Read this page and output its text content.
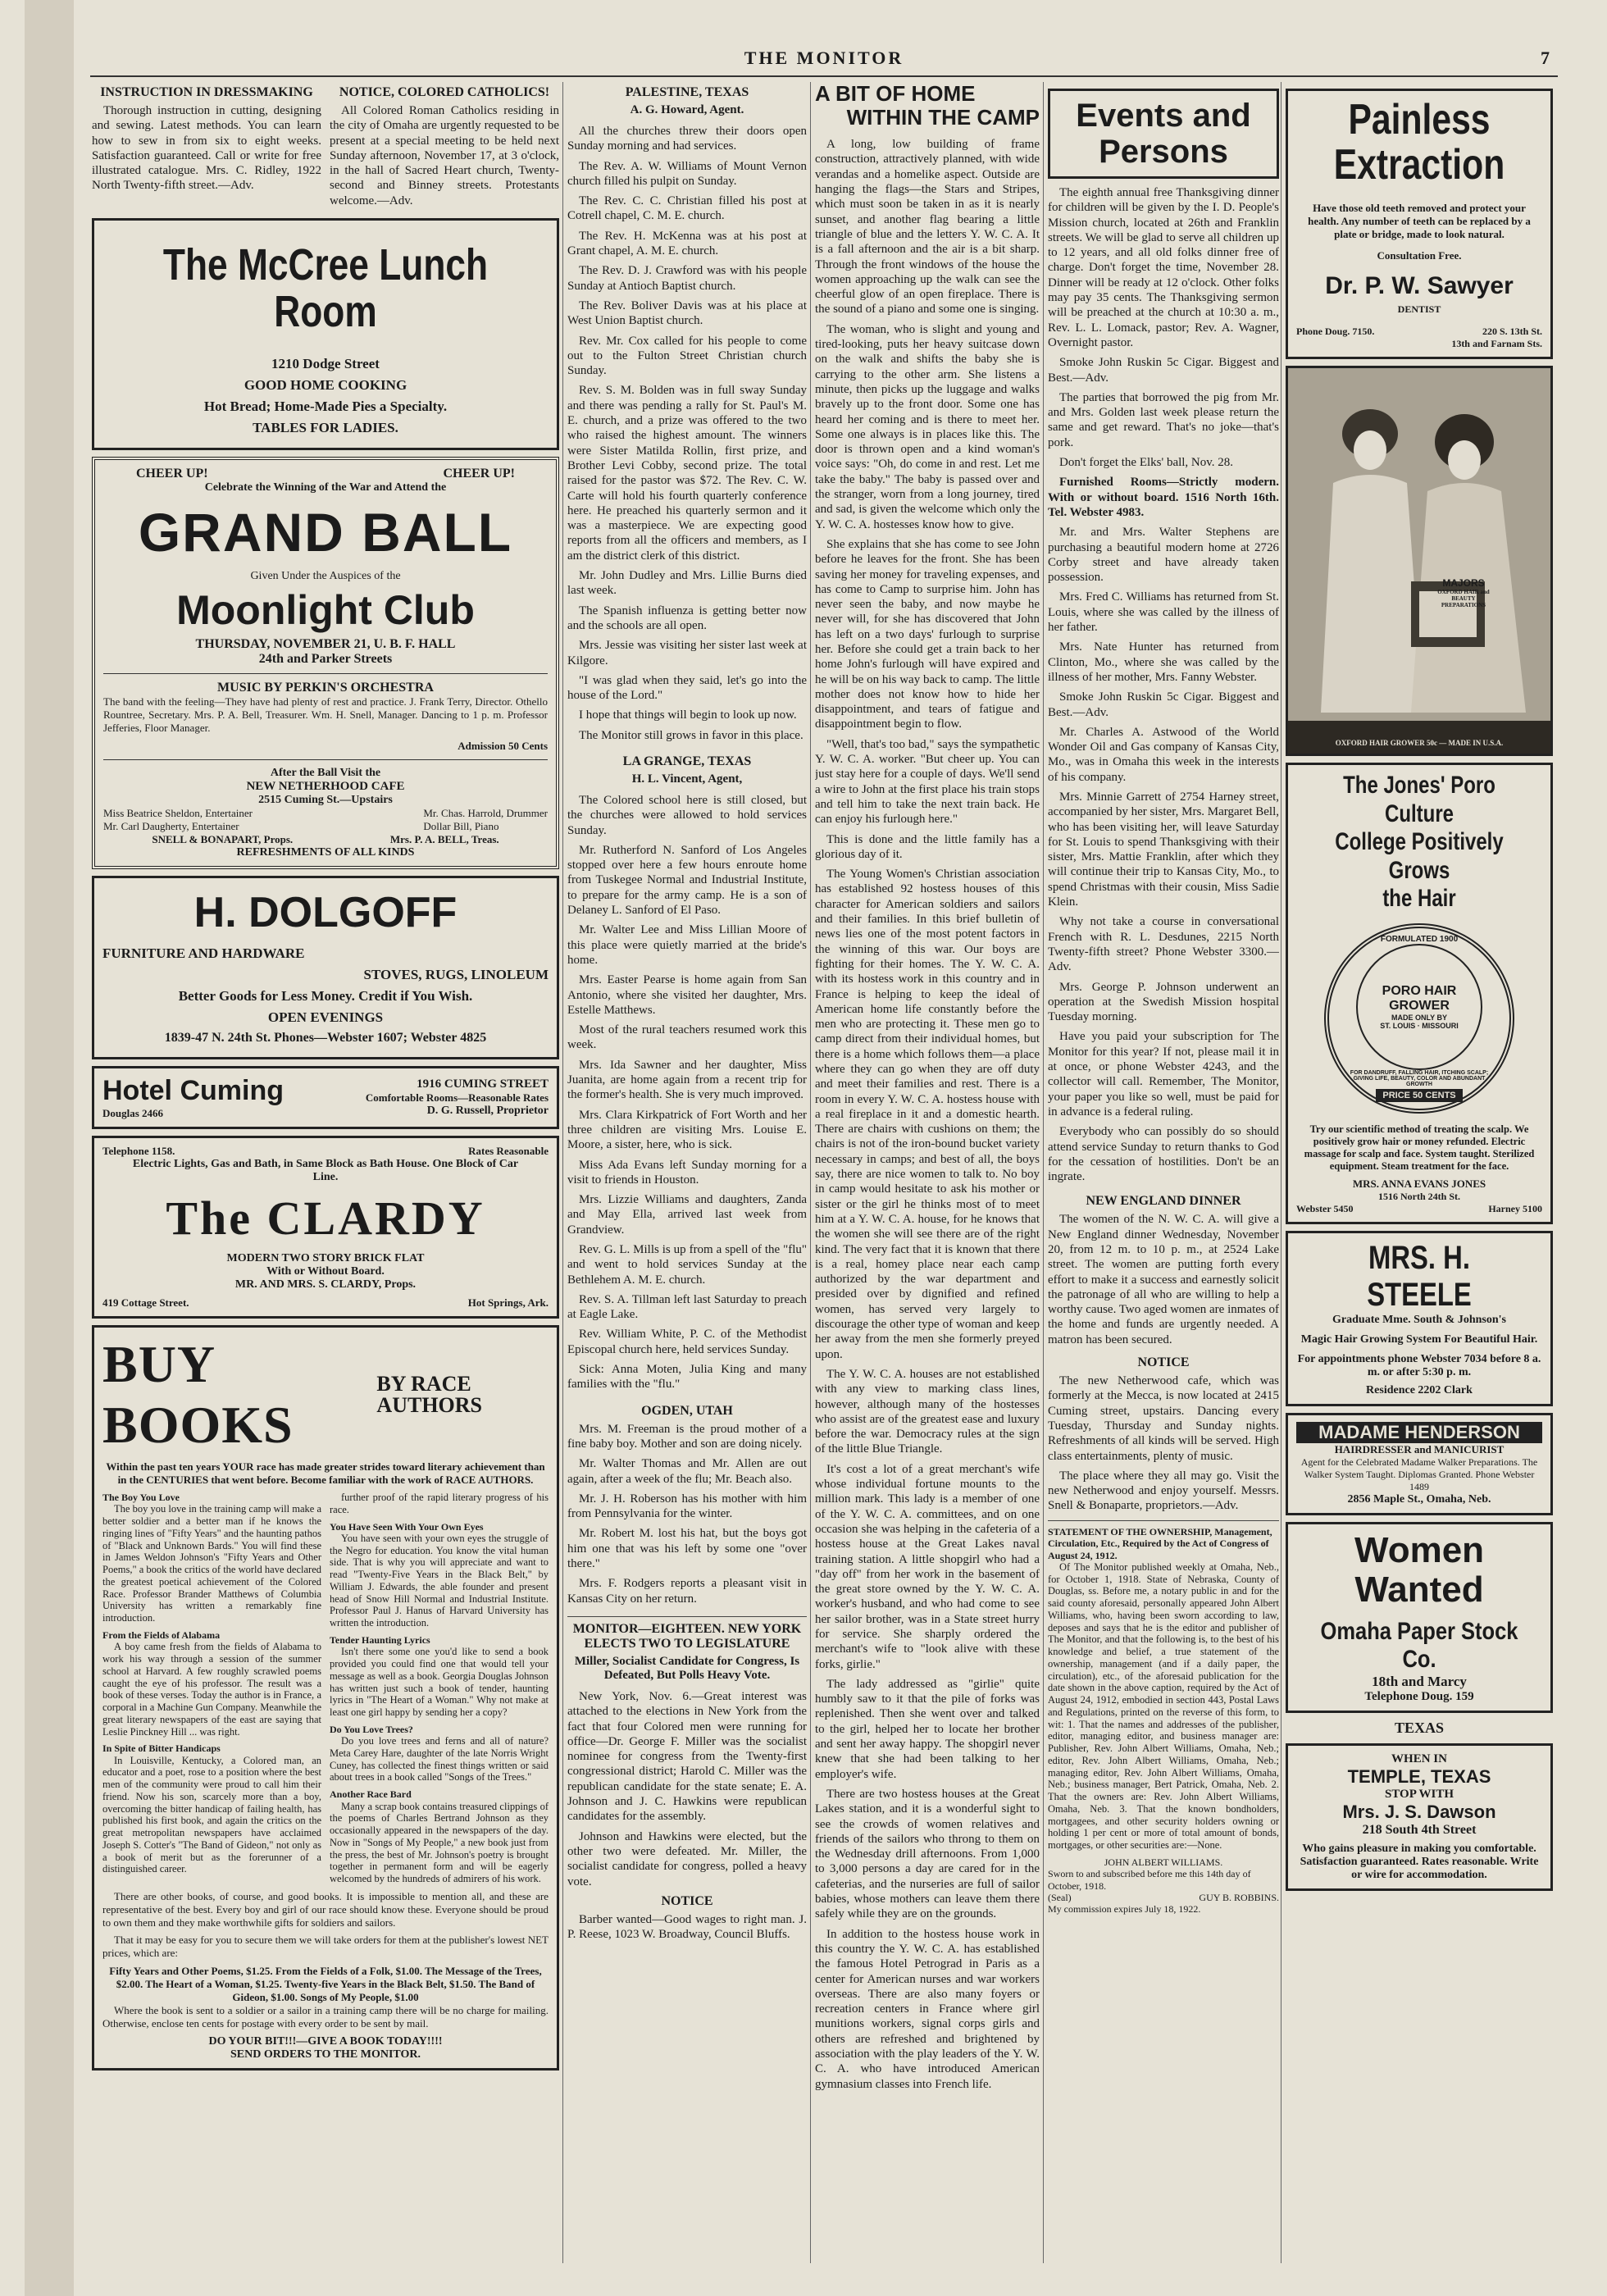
THE MONITOR	7
INSTRUCTION IN DRESSMAKING

Thorough instruction in cutting, designing and sewing. Latest methods. You can learn how to sew in from six to eight weeks. Satisfaction guaranteed. Call or write for free illustrated catalogue. Mrs. C. Ridley, 1922 North Twenty-fifth street.—Adv.

NOTICE, COLORED CATHOLICS!

All Colored Roman Catholics residing in the city of Omaha are urgently requested to be present at a special meeting to be held next Sunday afternoon, November 17, at 3 o'clock, in the hall of Sacred Heart church, Twenty-second and Binney streets. Protestants welcome.—Adv.

The McCree Lunch Room
1210 Dodge Street
GOOD HOME COOKING
Hot Bread; Home-Made Pies a Specialty.
TABLES FOR LADIES.
CHEER UP!	CHEER UP!
Celebrate the Winning of the War and Attend the
GRAND BALL
Given Under the Auspices of the
Moonlight Club
THURSDAY, NOVEMBER 21, U. B. F. HALL
24th and Parker Streets
MUSIC BY PERKIN'S ORCHESTRA

The band with the feeling—They have had plenty of rest and practice. J. Frank Terry, Director. Othello Rountree, Secretary. Mrs. P. A. Bell, Treasurer. Wm. H. Snell, Manager. Dancing to 1 p. m. Professor Jefferies, Floor Manager.

Admission 50 Cents
After the Ball Visit the
NEW NETHERHOOD CAFE
2515 Cuming St.—Upstairs
Miss Beatrice Sheldon, Entertainer
Mr. Carl Daugherty, Entertainer
Mr. Chas. Harrold, Drummer
Dollar Bill, Piano
SNELL & BONAPART, Props.	Mrs. P. A. BELL, Treas.
REFRESHMENTS OF ALL KINDS
H. DOLGOFF
FURNITURE AND HARDWARE
STOVES, RUGS, LINOLEUM
Better Goods for Less Money. Credit if You Wish.
OPEN EVENINGS
1839-47 N. 24th St. Phones—Webster 1607; Webster 4825
Hotel Cuming
Douglas 2466
1916 CUMING STREET
Comfortable Rooms—Reasonable Rates
D. G. Russell, Proprietor
Telephone 1158.	Rates Reasonable
Electric Lights, Gas and Bath, in Same Block as Bath House. One Block of Car Line.
The CLARDY
MODERN TWO STORY BRICK FLAT
With or Without Board.
MR. AND MRS. S. CLARDY, Props.
419 Cottage Street.	Hot Springs, Ark.
BUY BOOKS
BY RACE AUTHORS
Within the past ten years YOUR race has made greater strides toward literary achievement than in the CENTURIES that went before. Become familiar with the work of RACE AUTHORS.
The Boy You Love

The boy you love in the training camp will make a better soldier and a better man if he knows the ringing lines of "Fifty Years" and the haunting pathos of "Black and Unknown Bards." You will find these in James Weldon Johnson's "Fifty Years and Other Poems," a book the critics of the world have declared the greatest poetical achievement of the Colored Race. Professor Brander Matthews of Columbia University has written a remarkably fine introduction.

From the Fields of Alabama

A boy came fresh from the fields of Alabama to work his way through a session of the summer school at Harvard. A few roughly scrawled poems caught the eye of his professor. The result was a book of these verses. Today the author is in France, a corporal in a Machine Gun Company. Meanwhile the great literary newspapers of the east are saying that Leslie Pinckney Hill ... was right.

In Spite of Bitter Handicaps

In Louisville, Kentucky, a Colored man, an educator and a poet, rose to a position where the best men of the community were proud to call him their friend. Now his son, scarcely more than a boy, overcoming the bitter handicap of failing health, has published his first book, and again the critics on the great metropolitan newspapers have acclaimed Joseph S. Cotter's "The Band of Gideon," not only as a book of merit but as the forerunner of a distinguished career.

further proof of the rapid literary progress of his race.

You Have Seen With Your Own Eyes

You have seen with your own eyes the struggle of the Negro for education. You know the vital human side. That is why you will appreciate and want to read "Twenty-Five Years in the Black Belt," by William J. Edwards, the able founder and present head of Snow Hill Normal and Industrial Institute. Professor Paul J. Hanus of Harvard University has written the introduction.

Tender Haunting Lyrics

Isn't there some one you'd like to send a book provided you could find one that would tell your message as well as a book. Georgia Douglas Johnson has written just such a book of tender, haunting lyrics in "The Heart of a Woman." Why not make at least one girl happy by sending her a copy?

Do You Love Trees?

Do you love trees and ferns and all of nature? Meta Carey Hare, daughter of the late Norris Wright Cuney, has collected the finest things written or said about trees in a book called "Songs of the Trees."

Another Race Bard

Many a scrap book contains treasured clippings of the poems of Charles Bertrand Johnson as they occasionally appeared in the newspapers of the day. Now in "Songs of My People," a new book just from the press, the best of Mr. Johnson's poetry is brought together in permanent form and will be eagerly welcomed by the hundreds of admirers of his work.

There are other books, of course, and good books. It is impossible to mention all, and these are representative of the best. Every boy and girl of our race should know these. Everyone should be proud to own them and they make worthwhile gifts for soldiers and sailors.

That it may be easy for you to secure them we will take orders for them at the publisher's lowest NET prices, which are:

Fifty Years and Other Poems, $1.25. From the Fields of a Folk, $1.00. The Message of the Trees, $2.00. The Heart of a Woman, $1.25. Twenty-five Years in the Black Belt, $1.50. The Band of Gideon, $1.00. Songs of My People, $1.00

Where the book is sent to a soldier or a sailor in a training camp there will be no charge for mailing. Otherwise, enclose ten cents for postage with every order to be sent by mail.

DO YOUR BIT!!!—GIVE A BOOK TODAY!!!!
SEND ORDERS TO THE MONITOR.
PALESTINE, TEXAS
A. G. Howard, Agent.

All the churches threw their doors open Sunday morning and had services.

The Rev. A. W. Williams of Mount Vernon church filled his pulpit on Sunday.

The Rev. C. C. Christian filled his post at Cotrell chapel, C. M. E. church.

The Rev. H. McKenna was at his post at Grant chapel, A. M. E. church.

The Rev. D. J. Crawford was with his people Sunday at Antioch Baptist church.

The Rev. Boliver Davis was at his place at West Union Baptist church.

Rev. Mr. Cox called for his people to come out to the Fulton Street Christian church Sunday.

Rev. S. M. Bolden was in full sway Sunday and there was pending a rally for St. Paul's M. E. church, and a prize was offered to the two who raised the highest amount. The winners were Sister Matilda Rollin, first prize, and Brother Levi Cobby, second prize. The total raised for the pastor was $72. The Rev. C. W. Carte will hold his fourth quarterly conference here. He preached his quarterly sermon and it was a masterpiece. We are expecting good reports from all the officers and members, as I am the district clerk of this district.

Mr. John Dudley and Mrs. Lillie Burns died last week.

The Spanish influenza is getting better now and the schools are all open.

Mrs. Jessie was visiting her sister last week at Kilgore.

"I was glad when they said, let's go into the house of the Lord."

I hope that things will begin to look up now.

The Monitor still grows in favor in this place.

LA GRANGE, TEXAS
H. L. Vincent, Agent,

The Colored school here is still closed, but the churches were allowed to hold services Sunday.

Mr. Rutherford N. Sanford of Los Angeles stopped over here a few hours enroute home from Tuskegee Normal and Industrial Institute, to prepare for the army camp. He is a son of Delaney L. Sanford of El Paso.

Mr. Walter Lee and Miss Lillian Moore of this place were quietly married at the bride's home.

Mrs. Easter Pearse is home again from San Antonio, where she visited her daughter, Mrs. Estelle Matthews.

Most of the rural teachers resumed work this week.

Mrs. Ida Sawner and her daughter, Miss Juanita, are home again from a recent trip for the former's health. She is very much improved.

Mrs. Clara Kirkpatrick of Fort Worth and her three children are visiting Mrs. Louise E. Moore, a sister, here, who is sick.

Miss Ada Evans left Sunday morning for a visit to friends in Houston.

Mrs. Lizzie Williams and daughters, Zanda and May Ella, arrived last week from Grandview.

Rev. G. L. Mills is up from a spell of the "flu" and went to hold services Sunday at the Bethlehem A. M. E. church.

Rev. S. A. Tillman left last Saturday to preach at Eagle Lake.

Rev. William White, P. C. of the Methodist Episcopal church here, held services Sunday.

Sick: Anna Moten, Julia King and many families with the "flu."

OGDEN, UTAH

Mrs. M. Freeman is the proud mother of a fine baby boy. Mother and son are doing nicely.

Mr. Walter Thomas and Mr. Allen are out again, after a week of the flu; Mr. Beach also.

Mr. J. H. Roberson has his mother with him from Pennsylvania for the winter.

Mr. Robert M. lost his hat, but the boys got him one that was his left by some one "over there."

Mrs. F. Rodgers reports a pleasant visit in Kansas City on her return.

MONITOR—EIGHTEEN. NEW YORK ELECTS TWO TO LEGISLATURE
Miller, Socialist Candidate for Congress, Is Defeated, But Polls Heavy Vote.

New York, Nov. 6.—Great interest was attached to the elections in New York from the fact that four Colored men were running for office—Dr. George F. Miller was the socialist nominee for congress from the Twenty-first congressional district; Harold C. Miller was the republican candidate for the state senate; E. A. Johnson and J. C. Hawkins were republican candidates for the assembly.

Johnson and Hawkins were elected, but the other two were defeated. Mr. Miller, the socialist candidate for congress, polled a heavy vote.

NOTICE

Barber wanted—Good wages to right man. J. P. Reese, 1023 W. Broadway, Council Bluffs.

A BIT OF HOME
WITHIN THE CAMP

A long, low building of frame construction, attractively planned, with wide verandas and a homelike aspect. Outside are hanging the flags—the Stars and Stripes, which must soon be taken in as it is nearly sunset, and another flag bearing a little triangle of blue and the letters Y. W. C. A. It is a fall afternoon and the air is a bit sharp. Through the front windows of the house the women approaching up the walk can see the cheerful glow of an open fireplace. There is the sound of a piano and some one is singing.

The woman, who is slight and young and tired-looking, puts her heavy suitcase down on the walk and shifts the baby she is carrying to the other arm. She listens a minute, then picks up the luggage and walks bravely up to the front door. Some one has heard her coming and is there to meet her. Some one always is in places like this. The door is thrown open and a kind woman's voice says: "Oh, do come in and rest. Let me take the baby." The baby is passed over and the stranger, worn from a long journey, tired and sad, is given the welcome which only the Y. W. C. A. hostesses know how to give.

She explains that she has come to see John before he leaves for the front. She has been saving her money for traveling expenses, and has come to Camp to surprise him. John has never seen the baby, and now maybe he never will, for she has discovered that John has left on a two days' furlough to surprise her. Before she could get a train back to her home John's furlough will have expired and he will be on his way back to camp. The little mother does not know how to hide her disappointment, and tears of fatigue and disappointment begin to flow.

"Well, that's too bad," says the sympathetic Y. W. C. A. worker. "But cheer up. You can just stay here for a couple of days. We'll send a wire to John at the first place his train stops and tell him to take the next train back. He can enjoy his furlough here."

This is done and the little family has a glorious day of it.

The Young Women's Christian association has established 92 hostess houses of this character for American soldiers and sailors and their families. In this brief bulletin of news lies one of the most potent factors in the winning of this war. Our boys are fighting for their homes. The Y. W. C. A. with its hostess work in this country and in France is helping to keep the ideal of American home life constantly before the men who are protecting it. These men go to camp direct from their individual homes, but there is a home which follows them—a place where they can go when they are off duty and meet their families and rest. There is a room in every Y. W. C. A. hostess house with a real fireplace in it and a domestic hearth. There are chairs with cushions on them; the chairs is not of the iron-bound bucket variety necessary in camps; and best of all, the boys say, there are nice women to talk to. No boy in camp would hesitate to ask his mother or sister or the girl he thinks most of to meet him at a Y. W. C. A. house, for he knows that the women she will see there are of the right kind. The very fact that it is known that there is a real, homey place near each camp authorized by the war department and presided over by dignified and refined women, has served very largely to discourage the other type of woman and keep her away from the men she formerly preyed upon.

The Y. W. C. A. houses are not established with any view to marking class lines, however, although many of the hostesses who assist are of the greatest ease and luxury before the war. Democracy rules at the sign of the little Blue Triangle.

It's cost a lot of a great merchant's wife whose individual fortune mounts to the million mark. This lady is a member of one of the Y. W. C. A. committees, and on one occasion she was helping in the cafeteria of a hostess house at the Great Lakes naval training station. A little shopgirl who had a "day off" from her work in the basement of the great store owned by the Y. W. C. A. worker's husband, and who had come to see her sailor brother, was in a State street hurry for service. She sharply ordered the merchant's wife to "look alive with these forks, girlie."

The lady addressed as "girlie" quite humbly saw to it that the pile of forks was replenished. Then she went over and talked to the girl, helped her to locate her brother and sent her away happy. The shopgirl never knew that she had been talking to her employer's wife.

There are two hostess houses at the Great Lakes station, and it is a wonderful sight to see the crowds of women relatives and friends of the sailors who throng to them on the Wednesday drill afternoons. From 1,000 to 3,000 persons a day are cared for in the cafeterias, and the nurseries are full of sailor babies, whose mothers can leave them there safely while they are on the grounds.

In addition to the hostess house work in this country the Y. W. C. A. has established the famous Hotel Petrograd in Paris as a center for American nurses and war workers overseas. There are also many foyers or recreation centers in France where girl munitions workers, signal corps girls and others are refreshed and brightened by association with the play leaders of the Y. W. C. A. who have introduced American gymnasium classes into French life.

Events and Persons

The eighth annual free Thanksgiving dinner for children will be given by the I. D. People's Mission church, located at 26th and Franklin streets. We will be glad to serve all children up to 12 years, and all old folks dinner free of charge. Don't forget the time, November 28. Dinner will be ready at 12 o'clock. Other folks may pay 35 cents. The Thanksgiving sermon will be preached at the church at 10:30 a. m., Rev. L. L. Lomack, pastor; Rev. A. Wagner, Overnight pastor.

Smoke John Ruskin 5c Cigar. Biggest and Best.—Adv.

The parties that borrowed the pig from Mr. and Mrs. Golden last week please return the same and get reward. That's no joke—that's pork.

Don't forget the Elks' ball, Nov. 28.

Furnished Rooms—Strictly modern. With or without board. 1516 North 16th. Tel. Webster 4983.

Mr. and Mrs. Walter Stephens are purchasing a beautiful modern home at 2726 Corby street and have already taken possession.

Mrs. Fred C. Williams has returned from St. Louis, where she was called by the illness of her father.

Mrs. Nate Hunter has returned from Clinton, Mo., where she was called by the illness of her mother, Mrs. Fanny Webster.

Smoke John Ruskin 5c Cigar. Biggest and Best.—Adv.

Mr. Charles A. Astwood of the World Wonder Oil and Gas company of Kansas City, Mo., was in Omaha this week in the interests of his company.

Mrs. Minnie Garrett of 2754 Harney street, accompanied by her sister, Mrs. Margaret Bell, who has been visiting her, will leave Saturday for St. Louis to spend Thanksgiving with their sister, Mrs. Mattie Franklin, after which they will continue their trip to Kansas City, Mo., to spend Christmas with their cousin, Miss Sadie Klein.

Why not take a course in conversational French with R. L. Desdunes, 2215 North Twenty-fifth street? Phone Webster 3300.—Adv.

Mrs. George P. Johnson underwent an operation at the Swedish Mission hospital Tuesday morning.

Have you paid your subscription for The Monitor for this year? If not, please mail it in at once, or phone Webster 4243, and the collector will call. Remember, The Monitor, your paper you like so well, must be paid for in advance is a federal ruling.

Everybody who can possibly do so should attend service Sunday to return thanks to God for the cessation of hostilities. Don't be an ingrate.

NEW ENGLAND DINNER

The women of the N. W. C. A. will give a New England dinner Wednesday, November 20, from 12 m. to 10 p. m., at 2524 Lake street. The women are putting forth every effort to make it a success and earnestly solicit the patronage of all who are willing to help a worthy cause. Two aged women are inmates of the home and funds are urgently needed. A matron has been secured.

NOTICE

The new Netherwood cafe, which was formerly at the Mecca, is now located at 2415 Cuming street, upstairs. Dancing every Tuesday, Thursday and Sunday nights. Refreshments of all kinds will be served. High class entertainments, plenty of music.

The place where they all may go. Visit the new Netherwood and enjoy yourself. Messrs. Snell & Bonaparte, proprietors.—Adv.

STATEMENT OF THE OWNERSHIP, Management, Circulation, Etc., Required by the Act of Congress of August 24, 1912.

Of The Monitor published weekly at Omaha, Neb., for October 1, 1918. State of Nebraska, County of Douglas, ss. Before me, a notary public in and for the said county aforesaid, personally appeared John Albert Williams, who, having been sworn according to law, deposes and says that he is the editor and publisher of The Monitor, and that the following is, to the best of his knowledge and belief, a true statement of the ownership, management (and if a daily paper, the circulation), etc., of the aforesaid publication for the date shown in the above caption, required by the Act of August 24, 1912, embodied in section 443, Postal Laws and Regulations, printed on the reverse of this form, to wit: 1. That the names and addresses of the publisher, editor, managing editor, and business manager are: Publisher, Rev. John Albert Williams, Omaha, Neb.; editor, Rev. John Albert Williams, Omaha, Neb.; managing editor, Rev. John Albert Williams, Omaha, Neb.; business manager, Bert Patrick, Omaha, Neb. 2. That the owners are: Rev. John Albert Williams, Omaha, Neb. 3. That the known bondholders, mortgagees, and other security holders owning or holding 1 per cent or more of total amount of bonds, mortgages, or other securities are:—None.

JOHN ALBERT WILLIAMS.
Sworn to and subscribed before me this 14th day of October, 1918.
(Seal)	GUY B. ROBBINS.
My commission expires July 18, 1922.
Painless Extraction
Have those old teeth removed and protect your health. Any number of teeth can be replaced by a plate or bridge, made to look natural.
Consultation Free.
Dr. P. W. Sawyer
DENTIST
Phone Doug. 7150.	220 S. 13th St.
13th and Farnam Sts.
MAJORS
OXFORD HAIR and BEAUTY PREPARATIONS
OXFORD HAIR GROWER 50c — MADE IN U.S.A.
The Jones' Poro Culture
College Positively Grows
the Hair
FORMULATED 1900
PORO HAIR GROWER
MADE ONLY BY
ST. LOUIS · MISSOURI
FOR DANDRUFF, FALLING HAIR, ITCHING SCALP; GIVING LIFE, BEAUTY, COLOR AND ABUNDANT GROWTH
PRICE 50 CENTS
Try our scientific method of treating the scalp. We positively grow hair or money refunded. Electric massage for scalp and face. System taught. Sterilized equipment. Steam treatment for the face.
MRS. ANNA EVANS JONES
1516 North 24th St.
Webster 5450	Harney 5100
MRS. H. STEELE
Graduate Mme. South & Johnson's
Magic Hair Growing System For Beautiful Hair.
For appointments phone Webster 7034 before 8 a. m. or after 5:30 p. m.
Residence 2202 Clark
MADAME HENDERSON
HAIRDRESSER and MANICURIST
Agent for the Celebrated Madame Walker Preparations. The Walker System Taught. Diplomas Granted. Phone Webster 1489
2856 Maple St., Omaha, Neb.
Women Wanted
Omaha Paper Stock Co.
18th and Marcy
Telephone Doug. 159
TEXAS
WHEN IN
TEMPLE, TEXAS
STOP WITH
Mrs. J. S. Dawson
218 South 4th Street
Who gains pleasure in making you comfortable. Satisfaction guaranteed. Rates reasonable. Write or wire for accommodation.
